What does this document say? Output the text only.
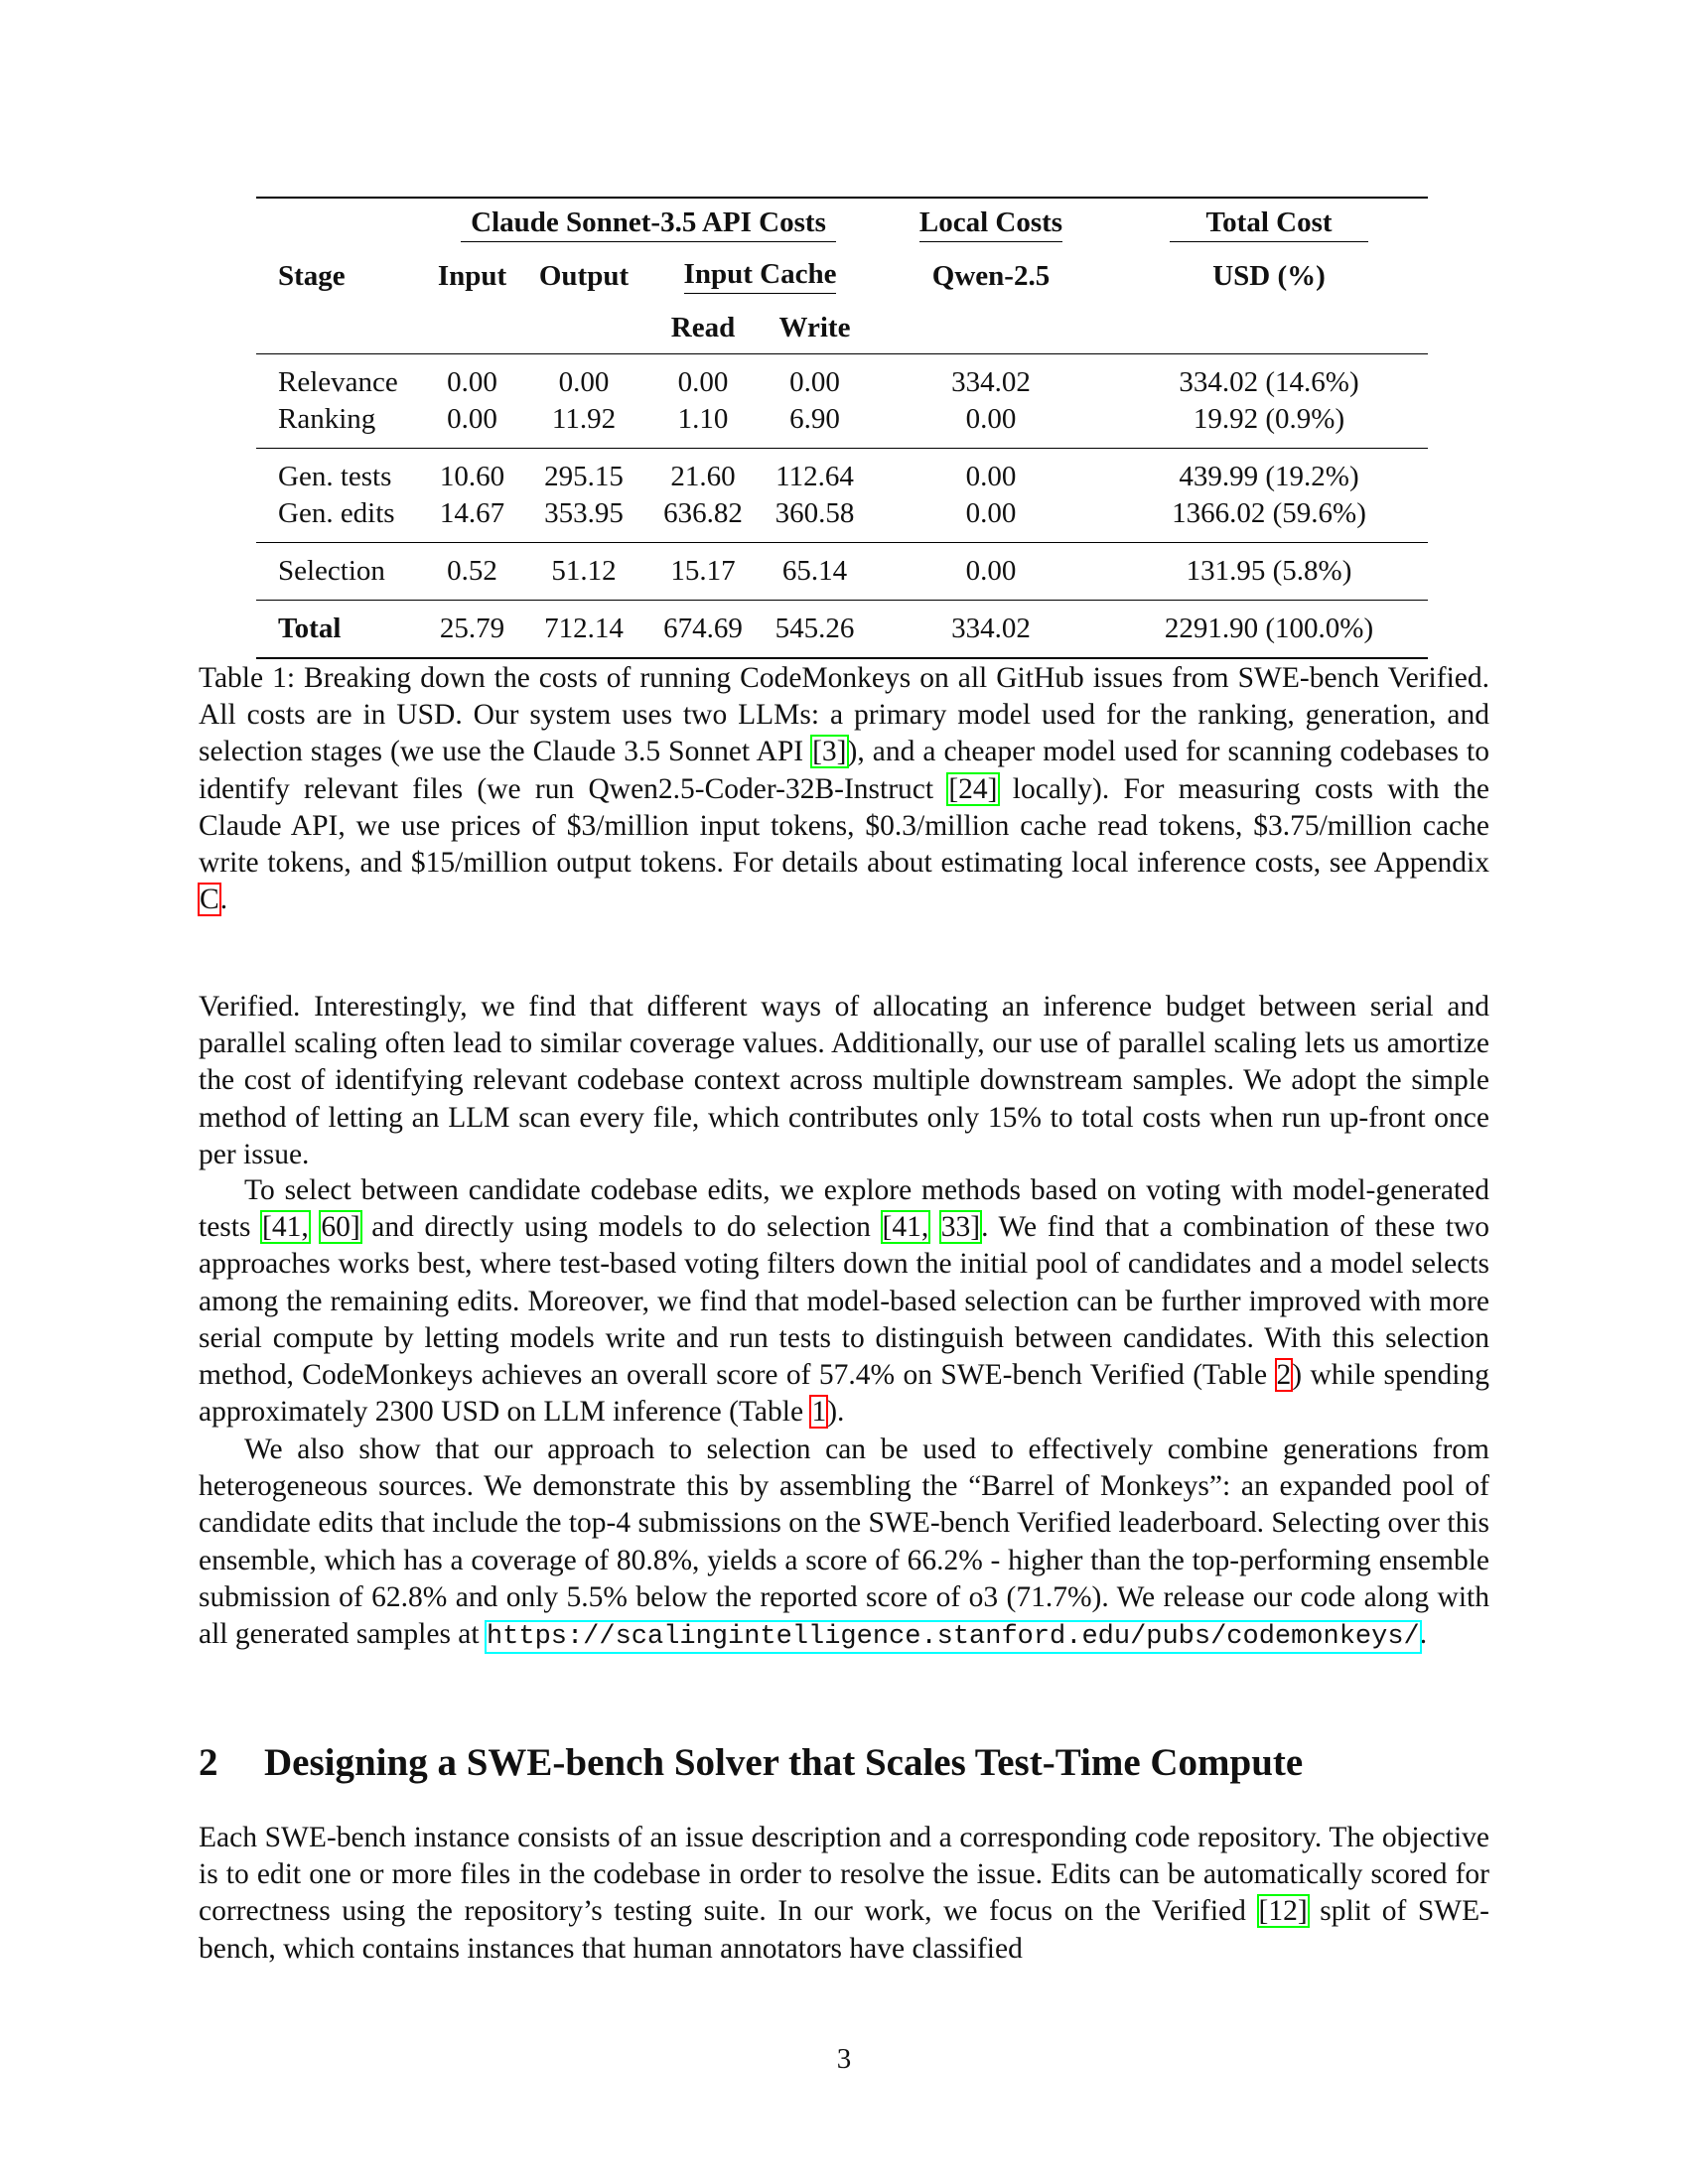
	Claude Sonnet-3.5 API Costs				Local Costs	Total Cost
Stage	Input	Output	Input Cache		Qwen-2.5	USD (%)
			Read	Write		
Relevance	0.00	0.00	0.00	0.00	334.02	334.02 (14.6%)
Ranking	0.00	11.92	1.10	6.90	0.00	19.92 (0.9%)
Gen. tests	10.60	295.15	21.60	112.64	0.00	439.99 (19.2%)
Gen. edits	14.67	353.95	636.82	360.58	0.00	1366.02 (59.6%)
Selection	0.52	51.12	15.17	65.14	0.00	131.95 (5.8%)
Total	25.79	712.14	674.69	545.26	334.02	2291.90 (100.0%)
Table 1: Breaking down the costs of running CodeMonkeys on all GitHub issues from SWE-bench Verified. All costs are in USD. Our system uses two LLMs: a primary model used for the ranking, generation, and selection stages (we use the Claude 3.5 Sonnet API [3]), and a cheaper model used for scanning codebases to identify relevant files (we run Qwen2.5-Coder-32B-Instruct [24] locally). For measuring costs with the Claude API, we use prices of $3/million input tokens, $0.3/million cache read tokens, $3.75/million cache write tokens, and $15/million output tokens. For details about estimating local inference costs, see Appendix C.
Verified. Interestingly, we find that different ways of allocating an inference budget between serial and parallel scaling often lead to similar coverage values. Additionally, our use of parallel scaling lets us amortize the cost of identifying relevant codebase context across multiple downstream samples. We adopt the simple method of letting an LLM scan every file, which contributes only 15% to total costs when run up-front once per issue.
To select between candidate codebase edits, we explore methods based on voting with model-generated tests [41, 60] and directly using models to do selection [41, 33]. We find that a combination of these two approaches works best, where test-based voting filters down the initial pool of candidates and a model selects among the remaining edits. Moreover, we find that model-based selection can be further improved with more serial compute by letting models write and run tests to distinguish between candidates. With this selection method, CodeMonkeys achieves an overall score of 57.4% on SWE-bench Verified (Table 2) while spending approximately 2300 USD on LLM inference (Table 1).
We also show that our approach to selection can be used to effectively combine generations from heterogeneous sources. We demonstrate this by assembling the “Barrel of Monkeys”: an expanded pool of candidate edits that include the top-4 submissions on the SWE-bench Verified leaderboard. Selecting over this ensemble, which has a coverage of 80.8%, yields a score of 66.2% - higher than the top-performing ensemble submission of 62.8% and only 5.5% below the reported score of o3 (71.7%). We release our code along with all generated samples at https://scalingintelligence.stanford.edu/pubs/codemonkeys/.
2 Designing a SWE-bench Solver that Scales Test-Time Compute
Each SWE-bench instance consists of an issue description and a corresponding code repository. The objective is to edit one or more files in the codebase in order to resolve the issue. Edits can be automatically scored for correctness using the repository’s testing suite. In our work, we focus on the Verified [12] split of SWE-bench, which contains instances that human annotators have classified
3
